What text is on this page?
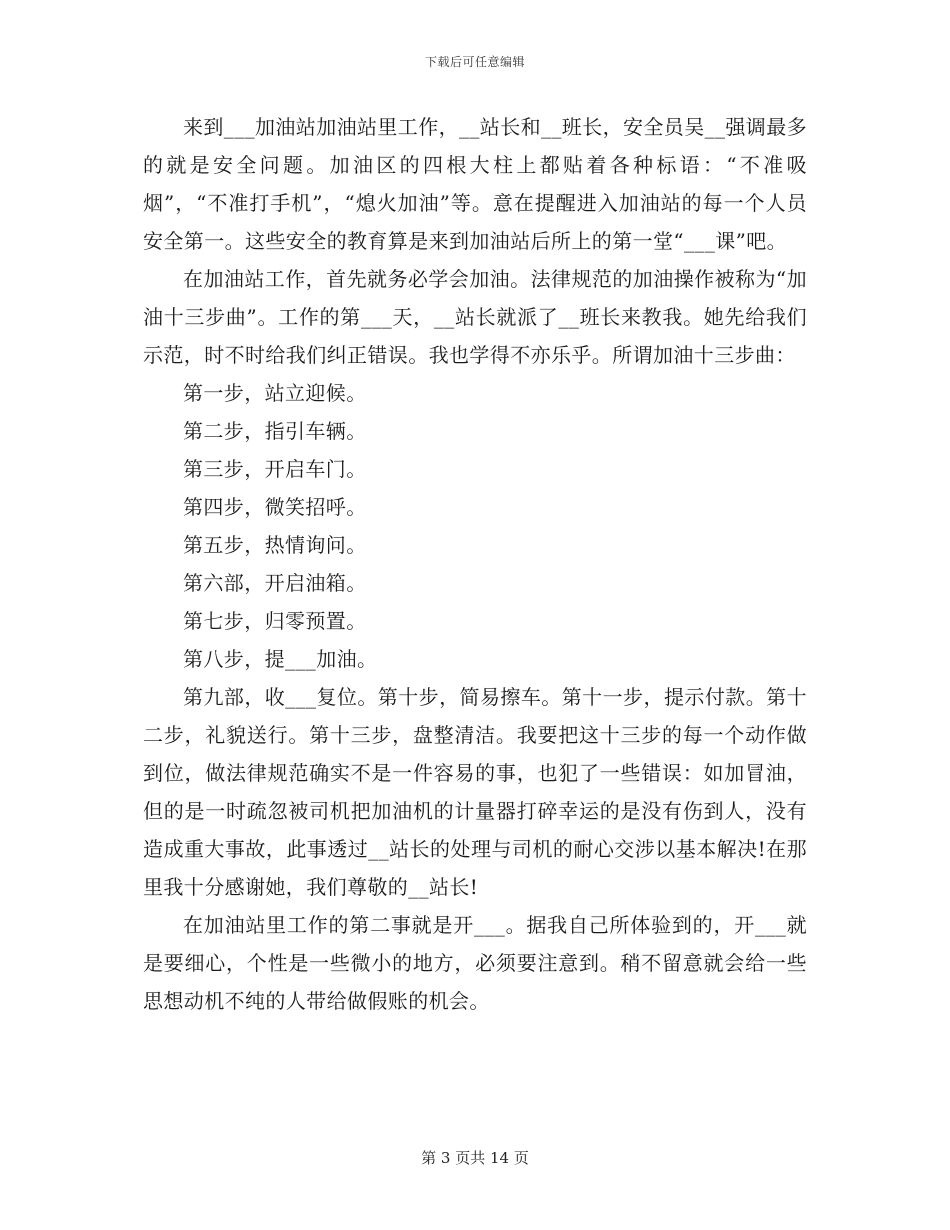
下载后可任意编辑

来到___加油站加油站里工作，__站长和__班长，安全员吴__强调最多的就是安全问题。加油区的四根大柱上都贴着各种标语：“不准吸烟”，“不准打手机”，“熄火加油”等。意在提醒进入加油站的每一个人员安全第一。这些安全的教育算是来到加油站后所上的第一堂“___课”吧。

在加油站工作，首先就务必学会加油。法律规范的加油操作被称为“加油十三步曲”。工作的第___天，__站长就派了__班长来教我。她先给我们示范，时不时给我们纠正错误。我也学得不亦乐乎。所谓加油十三步曲：

第一步，站立迎候。

第二步，指引车辆。

第三步，开启车门。

第四步，微笑招呼。

第五步，热情询问。

第六部，开启油箱。

第七步，归零预置。

第八步，提___加油。

第九部，收___复位。第十步，简易擦车。第十一步，提示付款。第十二步，礼貌送行。第十三步，盘整清洁。我要把这十三步的每一个动作做到位，做法律规范确实不是一件容易的事，也犯了一些错误：如加冒油，但的是一时疏忽被司机把加油机的计量器打碎幸运的是没有伤到人，没有造成重大事故，此事透过__站长的处理与司机的耐心交涉以基本解决!在那里我十分感谢她，我们尊敬的__站长!

在加油站里工作的第二事就是开___。据我自己所体验到的，开___就是要细心，个性是一些微小的地方，必须要注意到。稍不留意就会给一些思想动机不纯的人带给做假账的机会。

第 3 页共 14 页
